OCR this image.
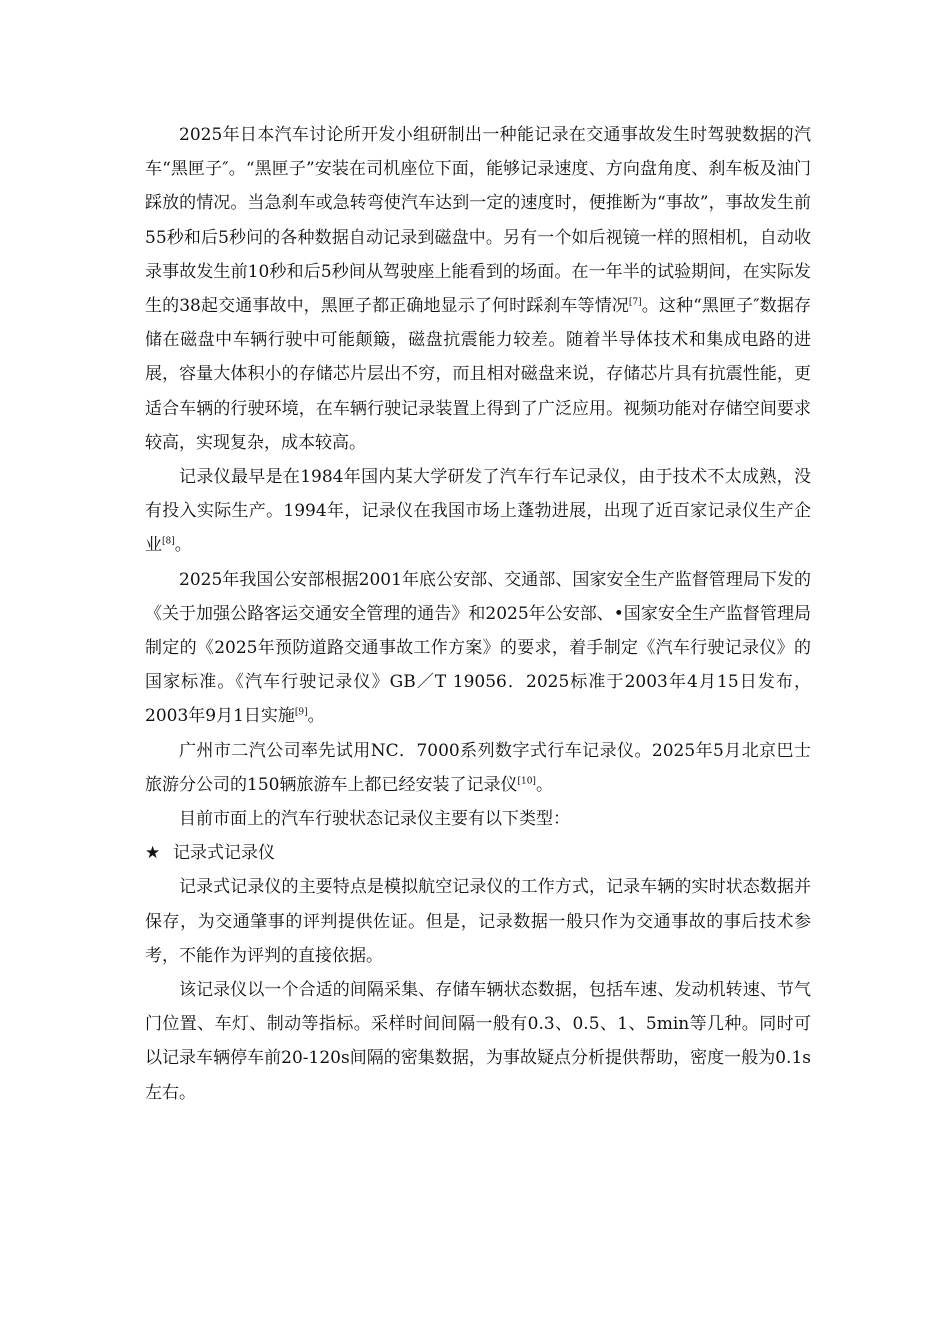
2025年日本汽车讨论所开发小组研制出一种能记录在交通事故发生时驾驶数据的汽车“黑匣子″。“黑匣子”安装在司机座位下面，能够记录速度、方向盘角度、刹车板及油门踩放的情况。当急刹车或急转弯使汽车达到一定的速度时，便推断为“事故”，事故发生前55秒和后5秒问的各种数据自动记录到磁盘中。另有一个如后视镜一样的照相机，自动收录事故发生前10秒和后5秒间从驾驶座上能看到的场面。在一年半的试验期间，在实际发生的38起交通事故中，黑匣子都正确地显示了何时踩刹车等情况[7]。这种“黑匣子″数据存储在磁盘中车辆行驶中可能颠簸，磁盘抗震能力较差。随着半导体技术和集成电路的进展，容量大体积小的存储芯片层出不穷，而且相对磁盘来说，存储芯片具有抗震性能，更适合车辆的行驶环境，在车辆行驶记录装置上得到了广泛应用。视频功能对存储空间要求较高，实现复杂，成本较高。

记录仪最早是在1984年国内某大学研发了汽车行车记录仪，由于技术不太成熟，没有投入实际生产。1994年，记录仪在我国市场上蓬勃进展，出现了近百家记录仪生产企业[8]。

2025年我国公安部根据2001年底公安部、交通部、国家安全生产监督管理局下发的《关于加强公路客运交通安全管理的通告》和2025年公安部、•国家安全生产监督管理局制定的《2025年预防道路交通事故工作方案》的要求，着手制定《汽车行驶记录仪》的国家标准。《汽车行驶记录仪》GB／T 19056．2025标准于2003年4月15日发布，2003年9月1日实施[9]。

广州市二汽公司率先试用NC．7000系列数字式行车记录仪。2025年5月北京巴士旅游分公司的150辆旅游车上都已经安装了记录仪[10]。

目前市面上的汽车行驶状态记录仪主要有以下类型：

★ 记录式记录仪

记录式记录仪的主要特点是模拟航空记录仪的工作方式，记录车辆的实时状态数据并保存，为交通肇事的评判提供佐证。但是，记录数据一般只作为交通事故的事后技术参考，不能作为评判的直接依据。

该记录仪以一个合适的间隔采集、存储车辆状态数据，包括车速、发动机转速、节气门位置、车灯、制动等指标。采样时间间隔一般有0.3、0.5、1、5min等几种。同时可以记录车辆停车前20-120s间隔的密集数据，为事故疑点分析提供帮助，密度一般为0.1s左右。
